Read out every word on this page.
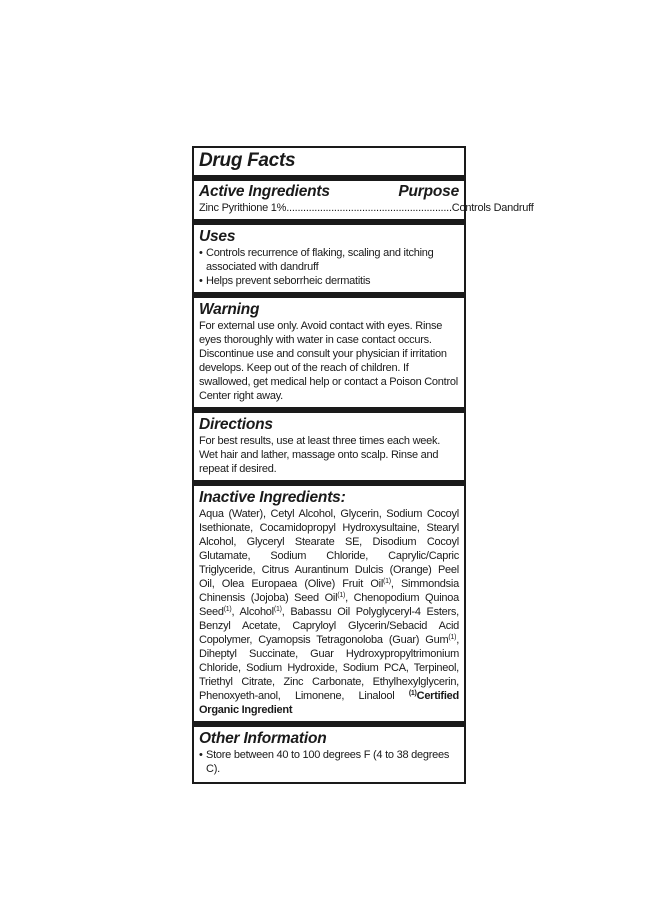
Drug Facts
Active Ingredients	Purpose
Zinc Pyrithione 1% ........................................................... Controls Dandruff
Uses
• Controls recurrence of flaking, scaling and itching associated with dandruff
• Helps prevent seborrheic dermatitis
Warning
For external use only. Avoid contact with eyes. Rinse eyes thoroughly with water in case contact occurs. Discontinue use and consult your physician if irritation develops. Keep out of the reach of children. If swallowed, get medical help or contact a Poison Control Center right away.
Directions
For best results, use at least three times each week. Wet hair and lather, massage onto scalp. Rinse and repeat if desired.
Inactive Ingredients:
Aqua (Water), Cetyl Alcohol, Glycerin, Sodium Cocoyl Isethionate, Cocamidopropyl Hydroxysultaine, Stearyl Alcohol, Glyceryl Stearate SE, Disodium Cocoyl Glutamate, Sodium Chloride, Caprylic/Capric Triglyceride, Citrus Aurantinum Dulcis (Orange) Peel Oil, Olea Europaea (Olive) Fruit Oil$^{(1)}$, Simmondsia Chinensis (Jojoba) Seed Oil$^{(1)}$, Chenopodium Quinoa Seed$^{(1)}$, Alcohol$^{(1)}$, Babassu Oil Polyglyceryl-4 Esters, Benzyl Acetate, Capryloyl Glycerin/Sebacid Acid Copolymer, Cyamopsis Tetragonoloba (Guar) Gum$^{(1)}$, Diheptyl Succinate, Guar Hydroxypropyltrimonium Chloride, Sodium Hydroxide, Sodium PCA, Terpineol, Triethyl Citrate, Zinc Carbonate, Ethylhexylglycerin, Phenoxyeth-anol, Limonene, Linalool $^{(1)}$Certified Organic Ingredient
Other Information
• Store between 40 to 100 degrees F (4 to 38 degrees C).
